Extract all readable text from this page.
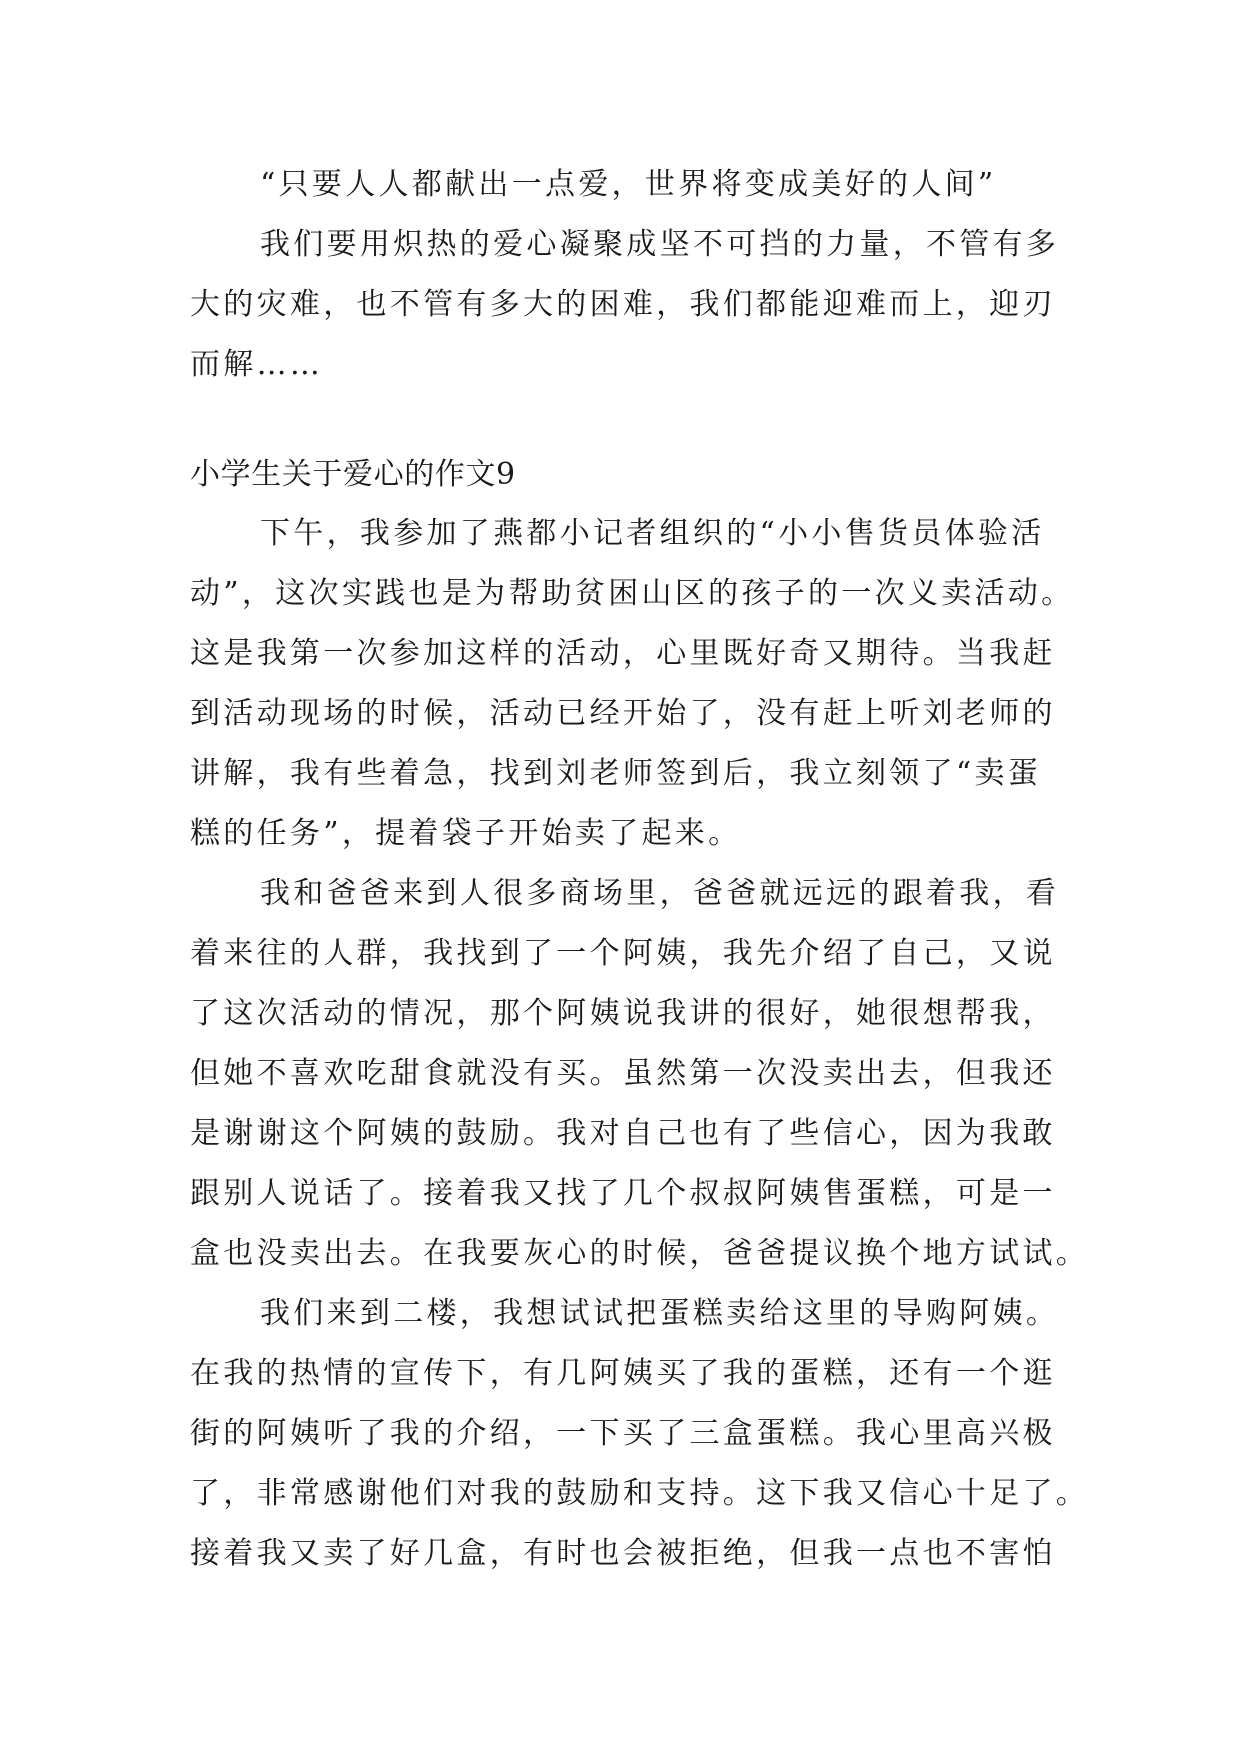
“只要人人都献出一点爱，世界将变成美好的人间”

我们要用炽热的爱心凝聚成坚不可挡的力量，不管有多

大的灾难，也不管有多大的困难，我们都能迎难而上，迎刃

而解……

小学生关于爱心的作文9

下午，我参加了燕都小记者组织的“小小售货员体验活

动”，这次实践也是为帮助贫困山区的孩子的一次义卖活动。

这是我第一次参加这样的活动，心里既好奇又期待。当我赶

到活动现场的时候，活动已经开始了，没有赶上听刘老师的

讲解，我有些着急，找到刘老师签到后，我立刻领了“卖蛋

糕的任务”，提着袋子开始卖了起来。

我和爸爸来到人很多商场里，爸爸就远远的跟着我，看

着来往的人群，我找到了一个阿姨，我先介绍了自己，又说

了这次活动的情况，那个阿姨说我讲的很好，她很想帮我，

但她不喜欢吃甜食就没有买。虽然第一次没卖出去，但我还

是谢谢这个阿姨的鼓励。我对自己也有了些信心，因为我敢

跟别人说话了。接着我又找了几个叔叔阿姨售蛋糕，可是一

盒也没卖出去。在我要灰心的时候，爸爸提议换个地方试试。

我们来到二楼，我想试试把蛋糕卖给这里的导购阿姨。

在我的热情的宣传下，有几阿姨买了我的蛋糕，还有一个逛

街的阿姨听了我的介绍，一下买了三盒蛋糕。我心里高兴极

了，非常感谢他们对我的鼓励和支持。这下我又信心十足了。

接着我又卖了好几盒，有时也会被拒绝，但我一点也不害怕
